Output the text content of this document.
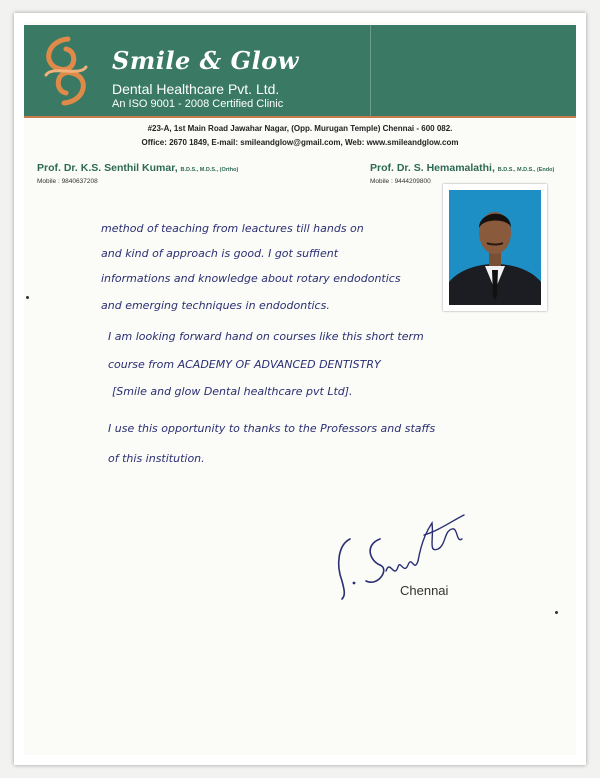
Smile & Glow
Dental Healthcare Pvt. Ltd.
An ISO 9001 - 2008 Certified Clinic
#23-A, 1st Main Road Jawahar Nagar, (Opp. Murugan Temple) Chennai - 600 082.
Office: 2670 1849, E-mail: smileandglow@gmail.com, Web: www.smileandglow.com
Prof. Dr. K.S. Senthil Kumar, B.D.S., M.D.S., (Ortho)
Mobile : 9840637208
Prof. Dr. S. Hemamalathi, B.D.S., M.D.S., (Endo)
Mobile : 9444209800
method of teaching from leactures till hands on
and kind of approach is good. I got suffient
informations and knowledge about rotary endodontics
and emerging techniques in endodontics.
I am looking forward hand on courses like this short term
course from ACADEMY OF ADVANCED DENTISTRY
[Smile and glow Dental healthcare pvt Ltd].
I use this opportunity to thanks to the Professors and staffs
of this institution.
Chennai
